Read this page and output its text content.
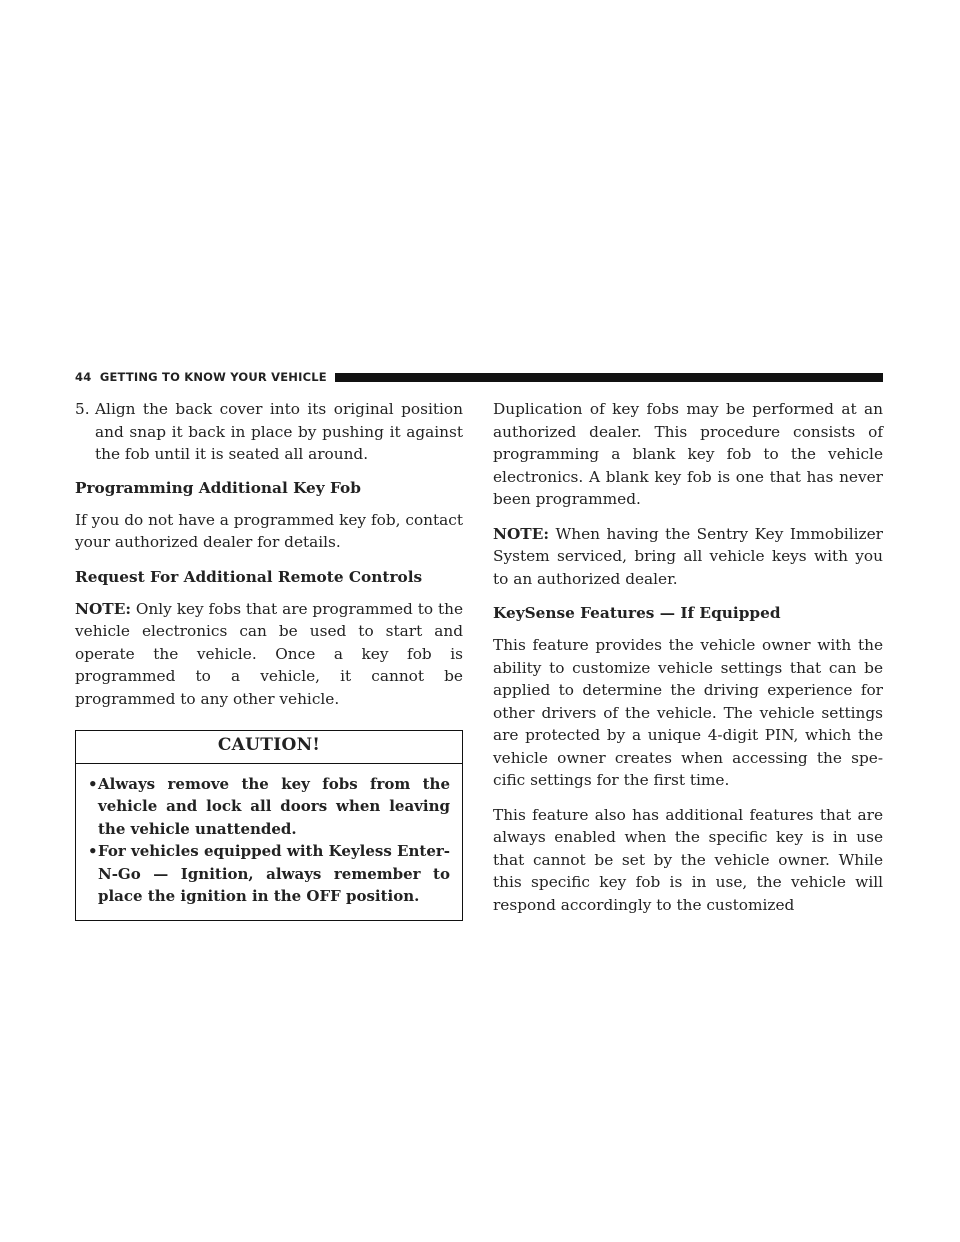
44 GETTING TO KNOW YOUR VEHICLE
5. Align the back cover into its original position and snap it back in place by pushing it against the fob until it is seated all around.
Programming Additional Key Fob

If you do not have a programmed key fob, contact your authorized dealer for details.

Request For Additional Remote Controls

NOTE: Only key fobs that are programmed to the vehicle electronics can be used to start and operate the vehicle. Once a key fob is programmed to a vehicle, it cannot be programmed to any other vehicle.

CAUTION!
• Always remove the key fobs from the vehicle and lock all doors when leaving the vehicle unattended.
• For vehicles equipped with Keyless Enter-N-Go — Ignition, always remember to place the ignition in the OFF position.

Duplication of key fobs may be performed at an authorized dealer. This procedure consists of programming a blank key fob to the vehicle electronics. A blank key fob is one that has never been programmed.

NOTE: When having the Sentry Key Immobilizer System serviced, bring all vehicle keys with you to an authorized dealer.

KeySense Features — If Equipped

This feature provides the vehicle owner with the ability to customize vehicle settings that can be applied to determine the driving experience for other drivers of the vehicle. The vehicle settings are protected by a unique 4-digit PIN, which the vehicle owner creates when accessing the spe-cific settings for the first time.

This feature also has additional features that are always enabled when the specific key is in use that cannot be set by the vehicle owner. While this specific key fob is in use, the vehicle will respond accordingly to the customized
